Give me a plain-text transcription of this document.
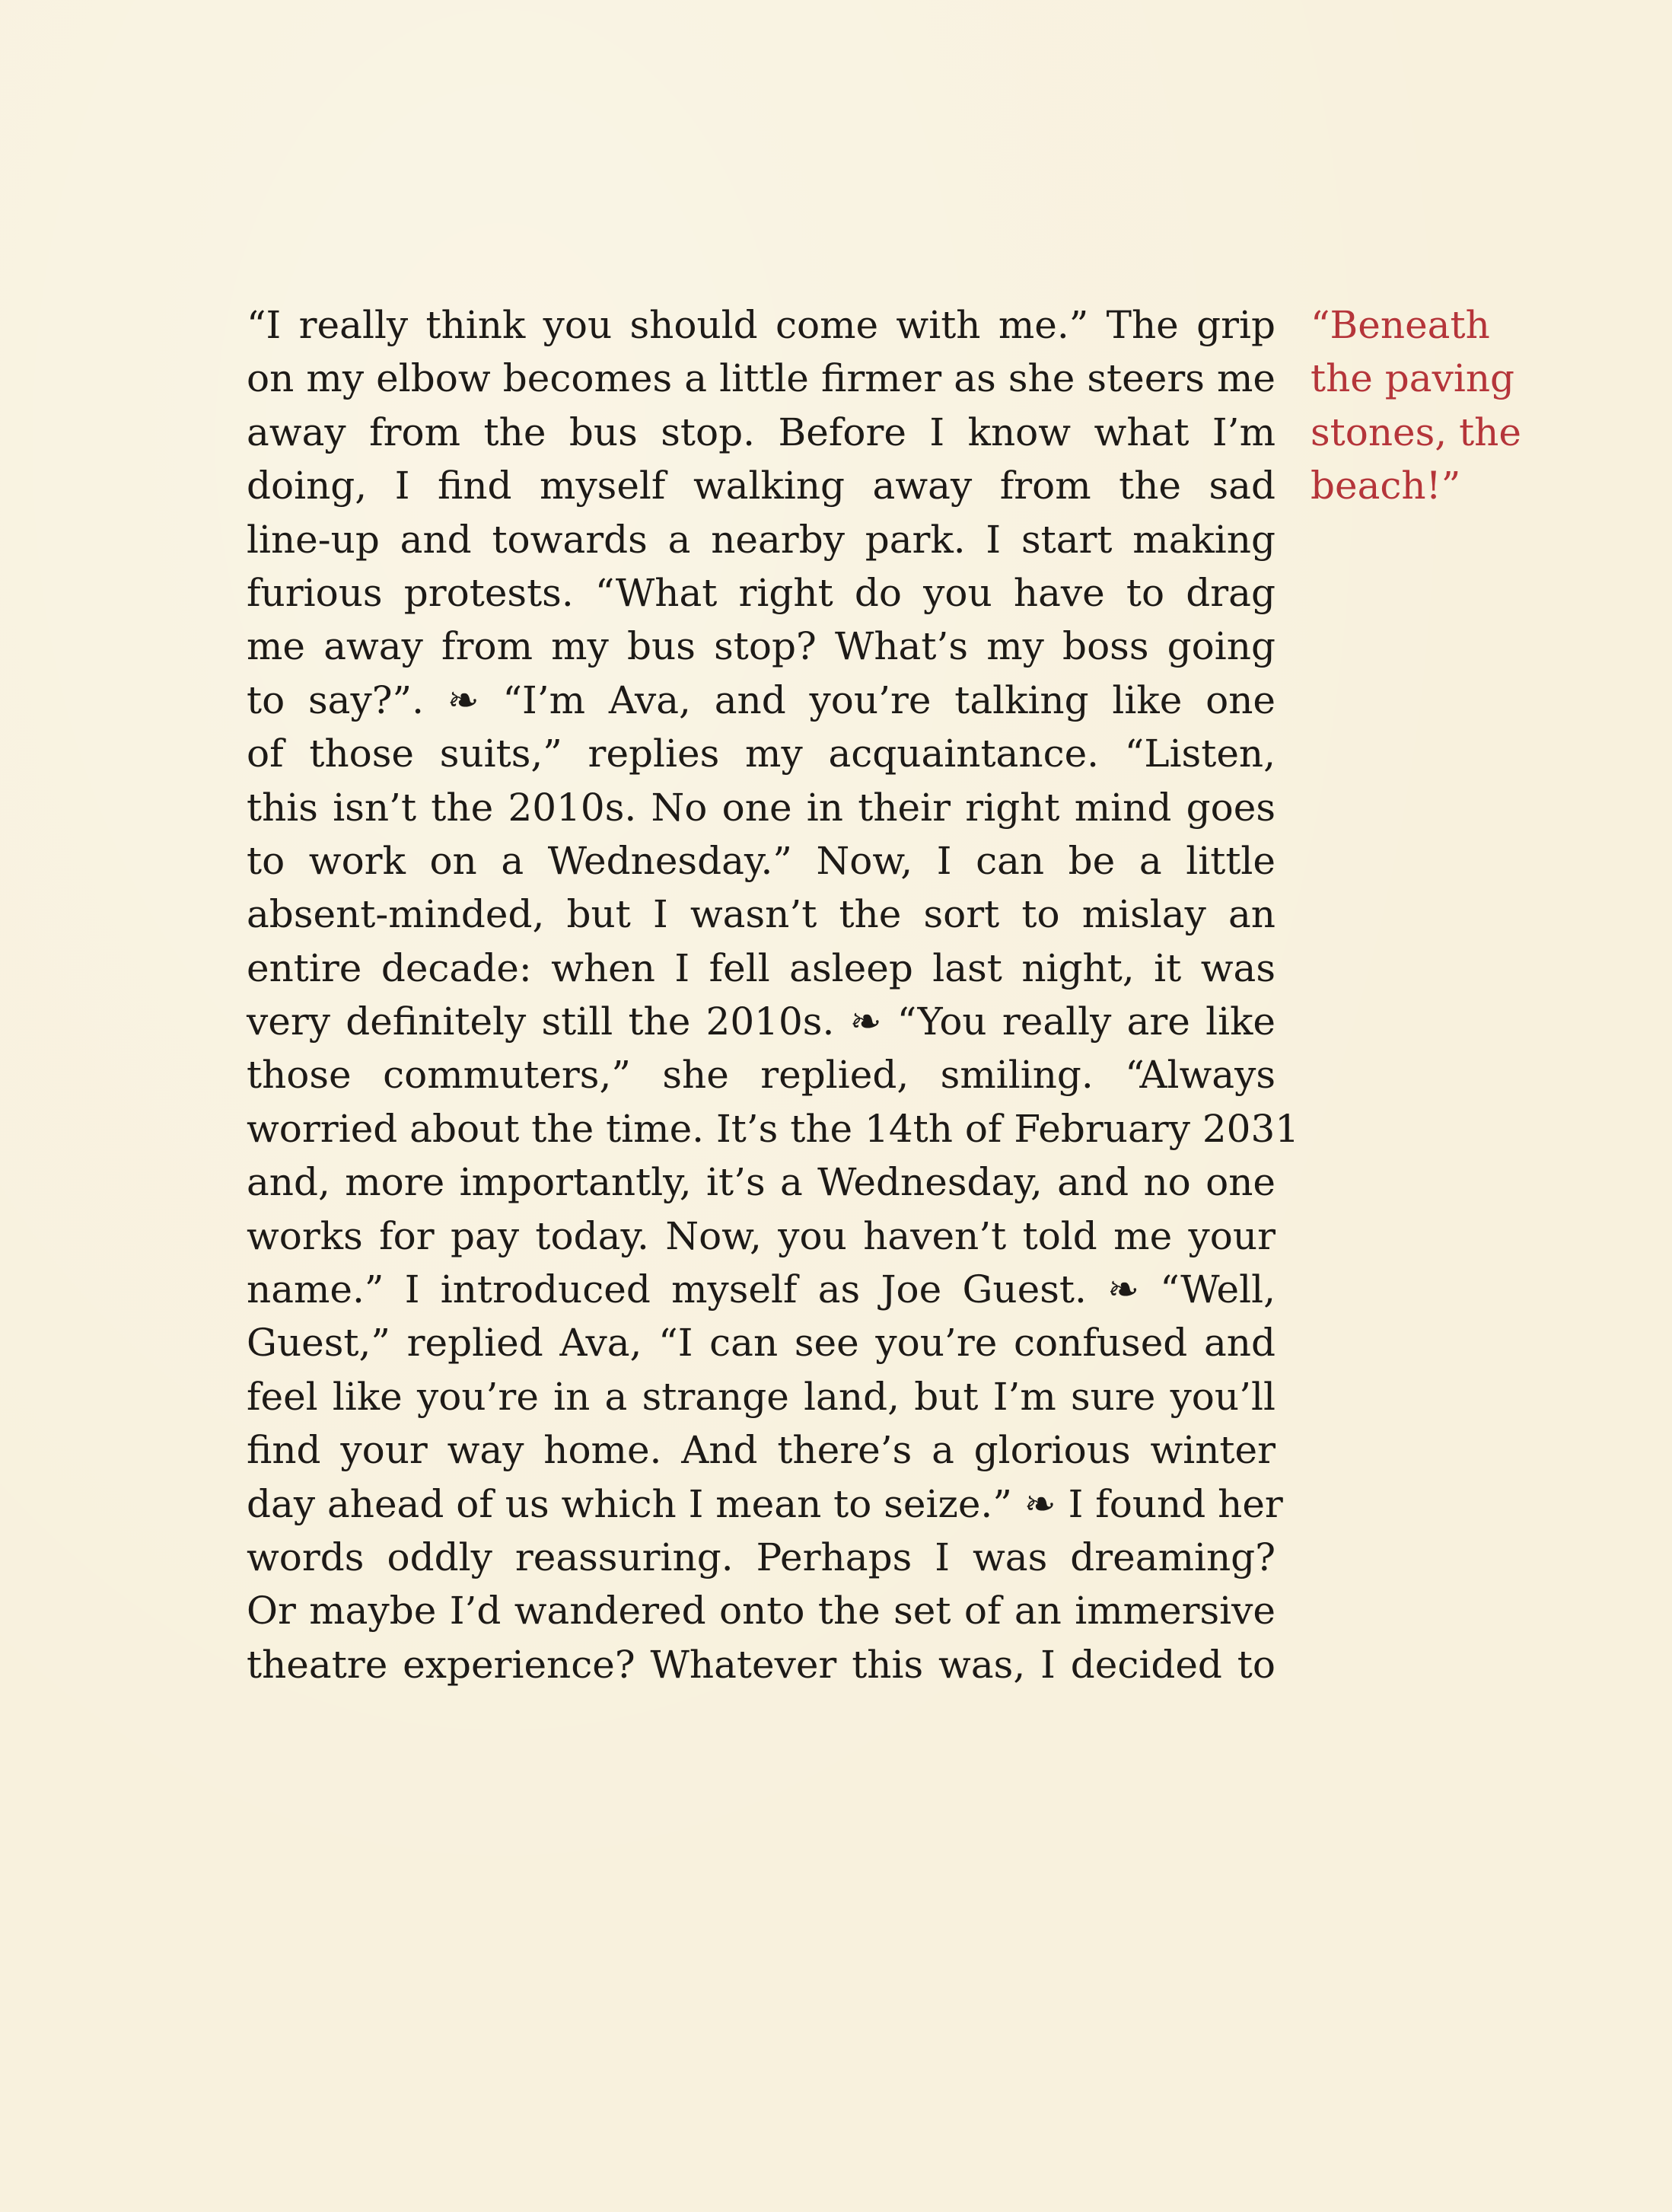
“I really think you should come with me.” The grip
on my elbow becomes a little firmer as she steers me
away from the bus stop. Before I know what I’m
doing, I find myself walking away from the sad
line-up and towards a nearby park. I start making
furious protests. “What right do you have to drag
me away from my bus stop? What’s my boss going
to say?”. ❧ “I’m Ava, and you’re talking like one
of those suits,” replies my acquaintance. “Listen,
this isn’t the 2010s. No one in their right mind goes
to work on a Wednesday.” Now, I can be a little
absent-minded, but I wasn’t the sort to mislay an
entire decade: when I fell asleep last night, it was
very definitely still the 2010s. ❧ “You really are like
those commuters,” she replied, smiling. “Always
worried about the time. It’s the 14th of February 2031
and, more importantly, it’s a Wednesday, and no one
works for pay today. Now, you haven’t told me your
name.” I introduced myself as Joe Guest. ❧ “Well,
Guest,” replied Ava, “I can see you’re confused and
feel like you’re in a strange land, but I’m sure you’ll
find your way home. And there’s a glorious winter
day ahead of us which I mean to seize.” ❧ I found her
words oddly reassuring. Perhaps I was dreaming?
Or maybe I’d wandered onto the set of an immersive
theatre experience? Whatever this was, I decided to
“Beneath
the paving
stones, the
beach!”
